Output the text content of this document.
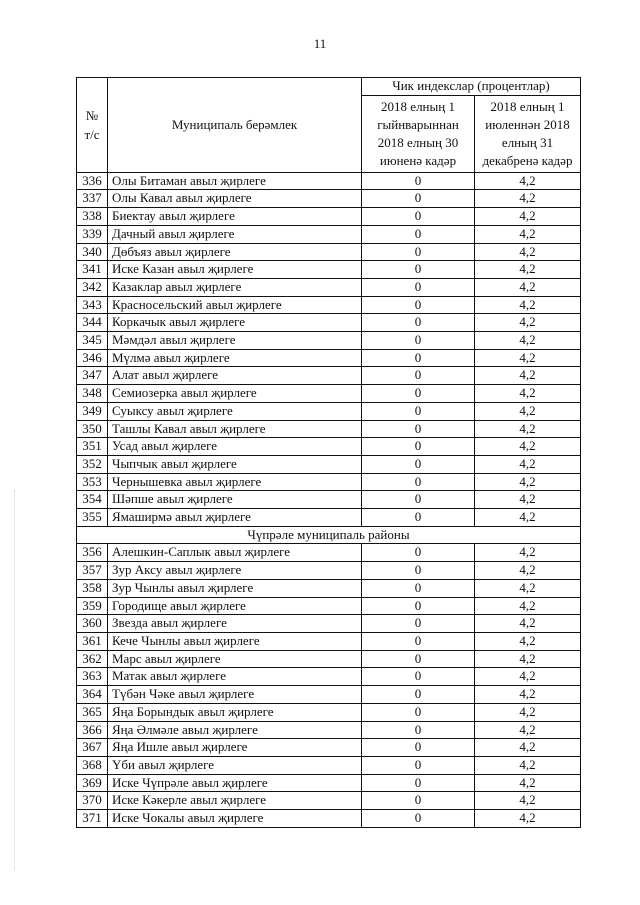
11
№ т/с	Муниципаль берәмлек	Чик индекслар (процентлар)	
		2018 елның 1 гыйнварыннан 2018 елның 30 июненә кадәр	2018 елның 1 июленнән 2018 елның 31 декабренә кадәр
336	Олы Битаман авыл җирлеге	0	4,2
337	Олы Кавал авыл җирлеге	0	4,2
338	Биектау авыл җирлеге	0	4,2
339	Дачный авыл җирлеге	0	4,2
340	Дөбъяз авыл җирлеге	0	4,2
341	Иске Казан авыл җирлеге	0	4,2
342	Казаклар авыл җирлеге	0	4,2
343	Красносельский авыл җирлеге	0	4,2
344	Коркачык авыл җирлеге	0	4,2
345	Мәмдәл авыл җирлеге	0	4,2
346	Мүлмә авыл җирлеге	0	4,2
347	Алат авыл җирлеге	0	4,2
348	Семиозерка авыл җирлеге	0	4,2
349	Суыксу авыл җирлеге	0	4,2
350	Ташлы Кавал авыл җирлеге	0	4,2
351	Усад авыл җирлеге	0	4,2
352	Чыпчык авыл җирлеге	0	4,2
353	Чернышевка авыл җирлеге	0	4,2
354	Шәпше авыл җирлеге	0	4,2
355	Ямаширмә авыл җирлеге	0	4,2
Чүпрәле муниципаль районы			
356	Алешкин-Саплык авыл җирлеге	0	4,2
357	Зур Аксу авыл җирлеге	0	4,2
358	Зур Чынлы авыл җирлеге	0	4,2
359	Городище авыл җирлеге	0	4,2
360	Звезда авыл җирлеге	0	4,2
361	Кече Чынлы авыл җирлеге	0	4,2
362	Марс авыл җирлеге	0	4,2
363	Матак авыл җирлеге	0	4,2
364	Түбән Чәке авыл җирлеге	0	4,2
365	Яңа Борындык авыл җирлеге	0	4,2
366	Яңа Әлмәле авыл җирлеге	0	4,2
367	Яңа Ишле авыл җирлеге	0	4,2
368	Үби авыл җирлеге	0	4,2
369	Иске Чүпрәле авыл җирлеге	0	4,2
370	Иске Кәкерле авыл җирлеге	0	4,2
371	Иске Чокалы авыл җирлеге	0	4,2
